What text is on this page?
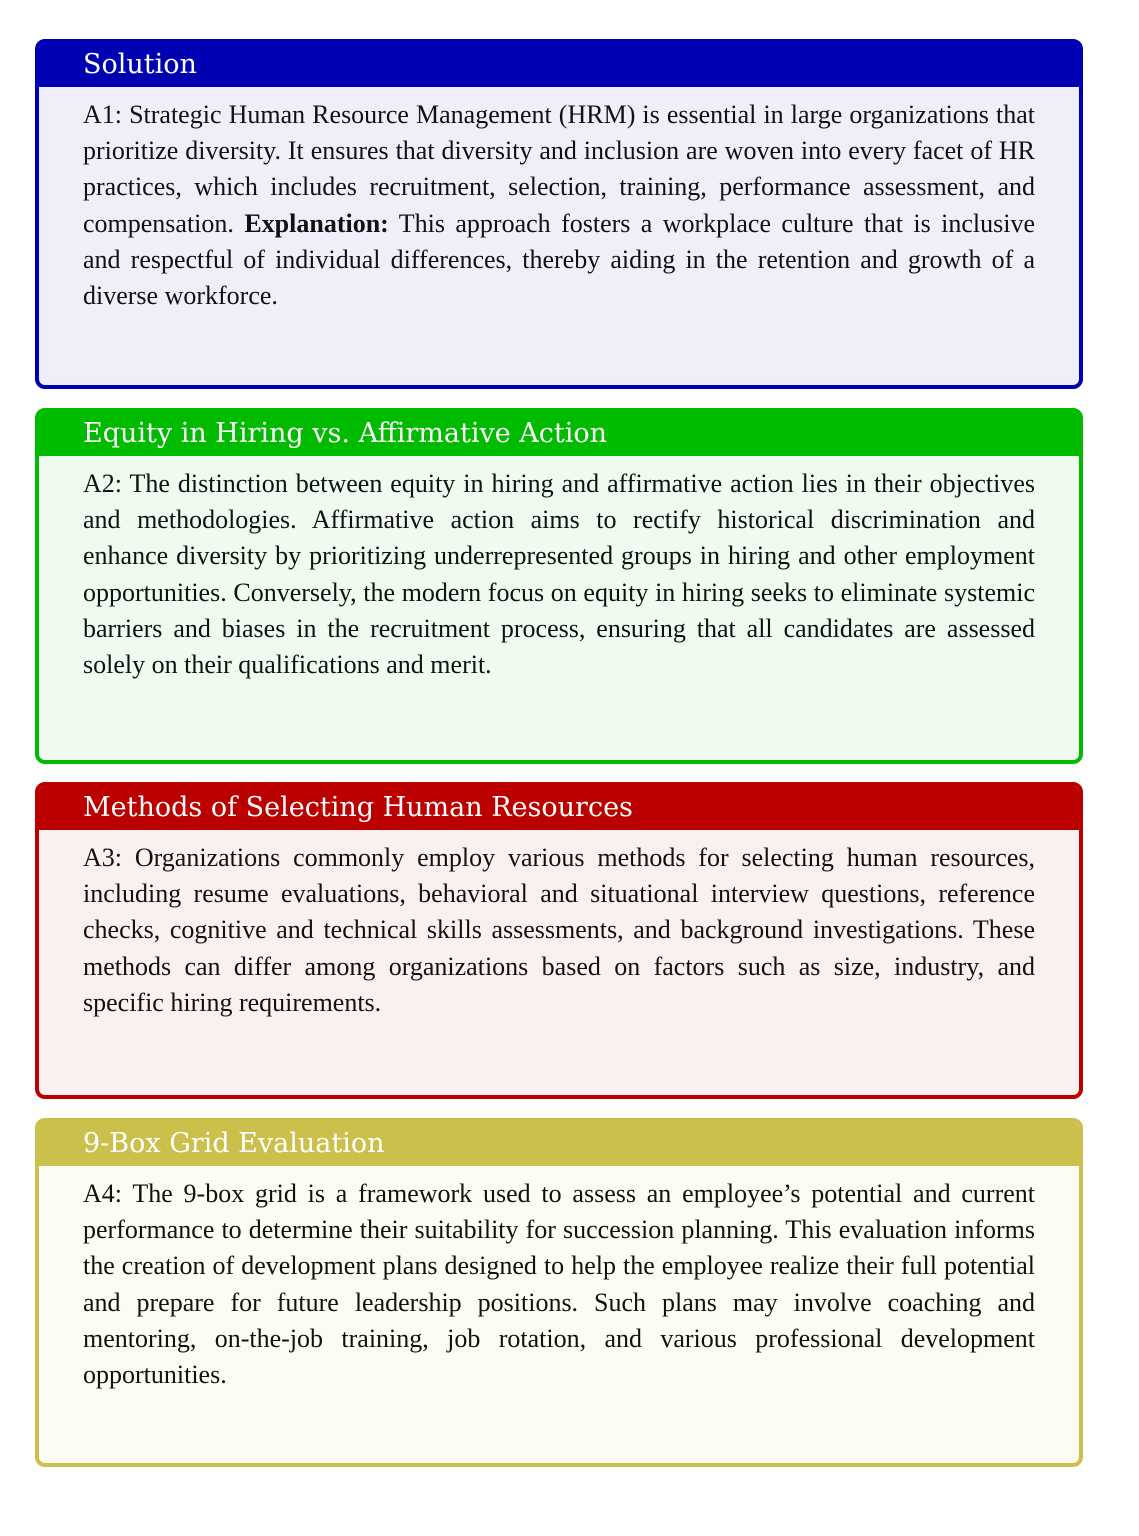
Solution

A1: Strategic Human Resource Management (HRM) is essential in large organizations that prioritize diversity. It ensures that diversity and inclusion are woven into every facet of HR practices, which includes recruitment, selection, training, performance assessment, and compensation. Explanation: This approach fosters a workplace culture that is inclusive and respectful of individual differences, thereby aiding in the retention and growth of a diverse workforce.

Equity in Hiring vs. Affirmative Action

A2: The distinction between equity in hiring and affirmative action lies in their objectives and methodologies. Affirmative action aims to rectify historical discrimination and enhance diversity by prioritizing underrepresented groups in hiring and other employment opportunities. Conversely, the modern focus on equity in hiring seeks to eliminate systemic barriers and biases in the recruitment process, ensuring that all candidates are assessed solely on their qualifications and merit.

Methods of Selecting Human Resources

A3: Organizations commonly employ various methods for selecting human resources, including resume evaluations, behavioral and situational interview questions, reference checks, cognitive and technical skills assessments, and background investigations. These methods can differ among organizations based on factors such as size, industry, and specific hiring requirements.

9-Box Grid Evaluation

A4: The 9-box grid is a framework used to assess an employee’s potential and current performance to determine their suitability for succession planning. This evaluation informs the creation of development plans designed to help the employee realize their full potential and prepare for future leadership positions. Such plans may involve coaching and mentoring, on-the-job training, job rotation, and various professional development opportunities.
